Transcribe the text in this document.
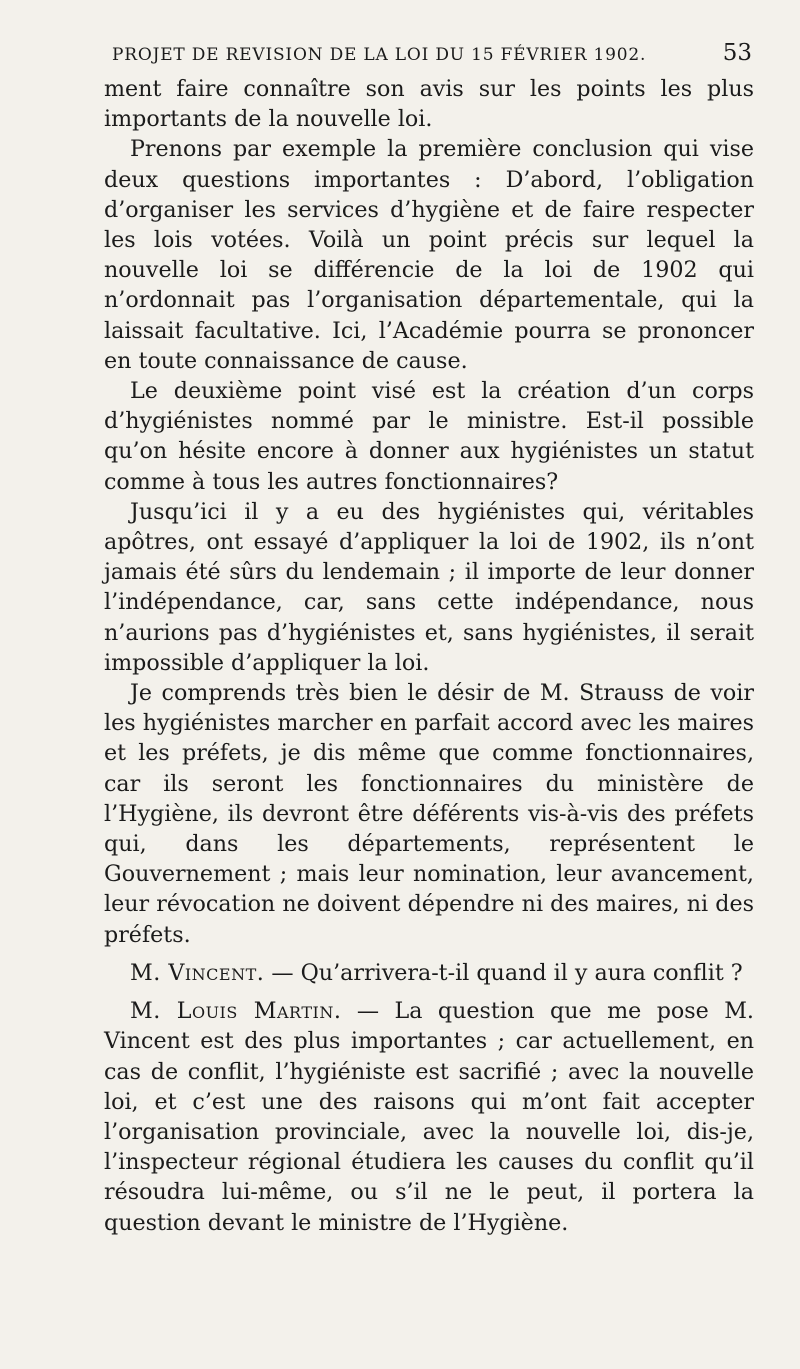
PROJET DE REVISION DE LA LOI DU 15 FÉVRIER 1902.	53

ment faire connaître son avis sur les points les plus importants de la nouvelle loi.

Prenons par exemple la première conclusion qui vise deux questions importantes : D’abord, l’obligation d’organiser les services d’hygiène et de faire respecter les lois votées. Voilà un point précis sur lequel la nouvelle loi se différencie de la loi de 1902 qui n’ordonnait pas l’organisation départementale, qui la laissait facultative. Ici, l’Académie pourra se prononcer en toute connaissance de cause.

Le deuxième point visé est la création d’un corps d’hygiénistes nommé par le ministre. Est-il possible qu’on hésite encore à donner aux hygiénistes un statut comme à tous les autres fonctionnaires?

Jusqu’ici il y a eu des hygiénistes qui, véritables apôtres, ont essayé d’appliquer la loi de 1902, ils n’ont jamais été sûrs du lendemain ; il importe de leur donner l’indépendance, car, sans cette indépendance, nous n’aurions pas d’hygiénistes et, sans hygiénistes, il serait impossible d’appliquer la loi.

Je comprends très bien le désir de M. Strauss de voir les hygiénistes marcher en parfait accord avec les maires et les préfets, je dis même que comme fonctionnaires, car ils seront les fonctionnaires du ministère de l’Hygiène, ils devront être déférents vis-à-vis des préfets qui, dans les départements, représentent le Gouvernement ; mais leur nomination, leur avancement, leur révocation ne doivent dépendre ni des maires, ni des préfets.

M. Vincent. — Qu’arrivera-t-il quand il y aura conflit ?

M. Louis Martin. — La question que me pose M. Vincent est des plus importantes ; car actuellement, en cas de conflit, l’hygiéniste est sacrifié ; avec la nouvelle loi, et c’est une des raisons qui m’ont fait accepter l’organisation provinciale, avec la nouvelle loi, dis-je, l’inspecteur régional étudiera les causes du conflit qu’il résoudra lui-même, ou s’il ne le peut, il portera la question devant le ministre de l’Hygiène.
